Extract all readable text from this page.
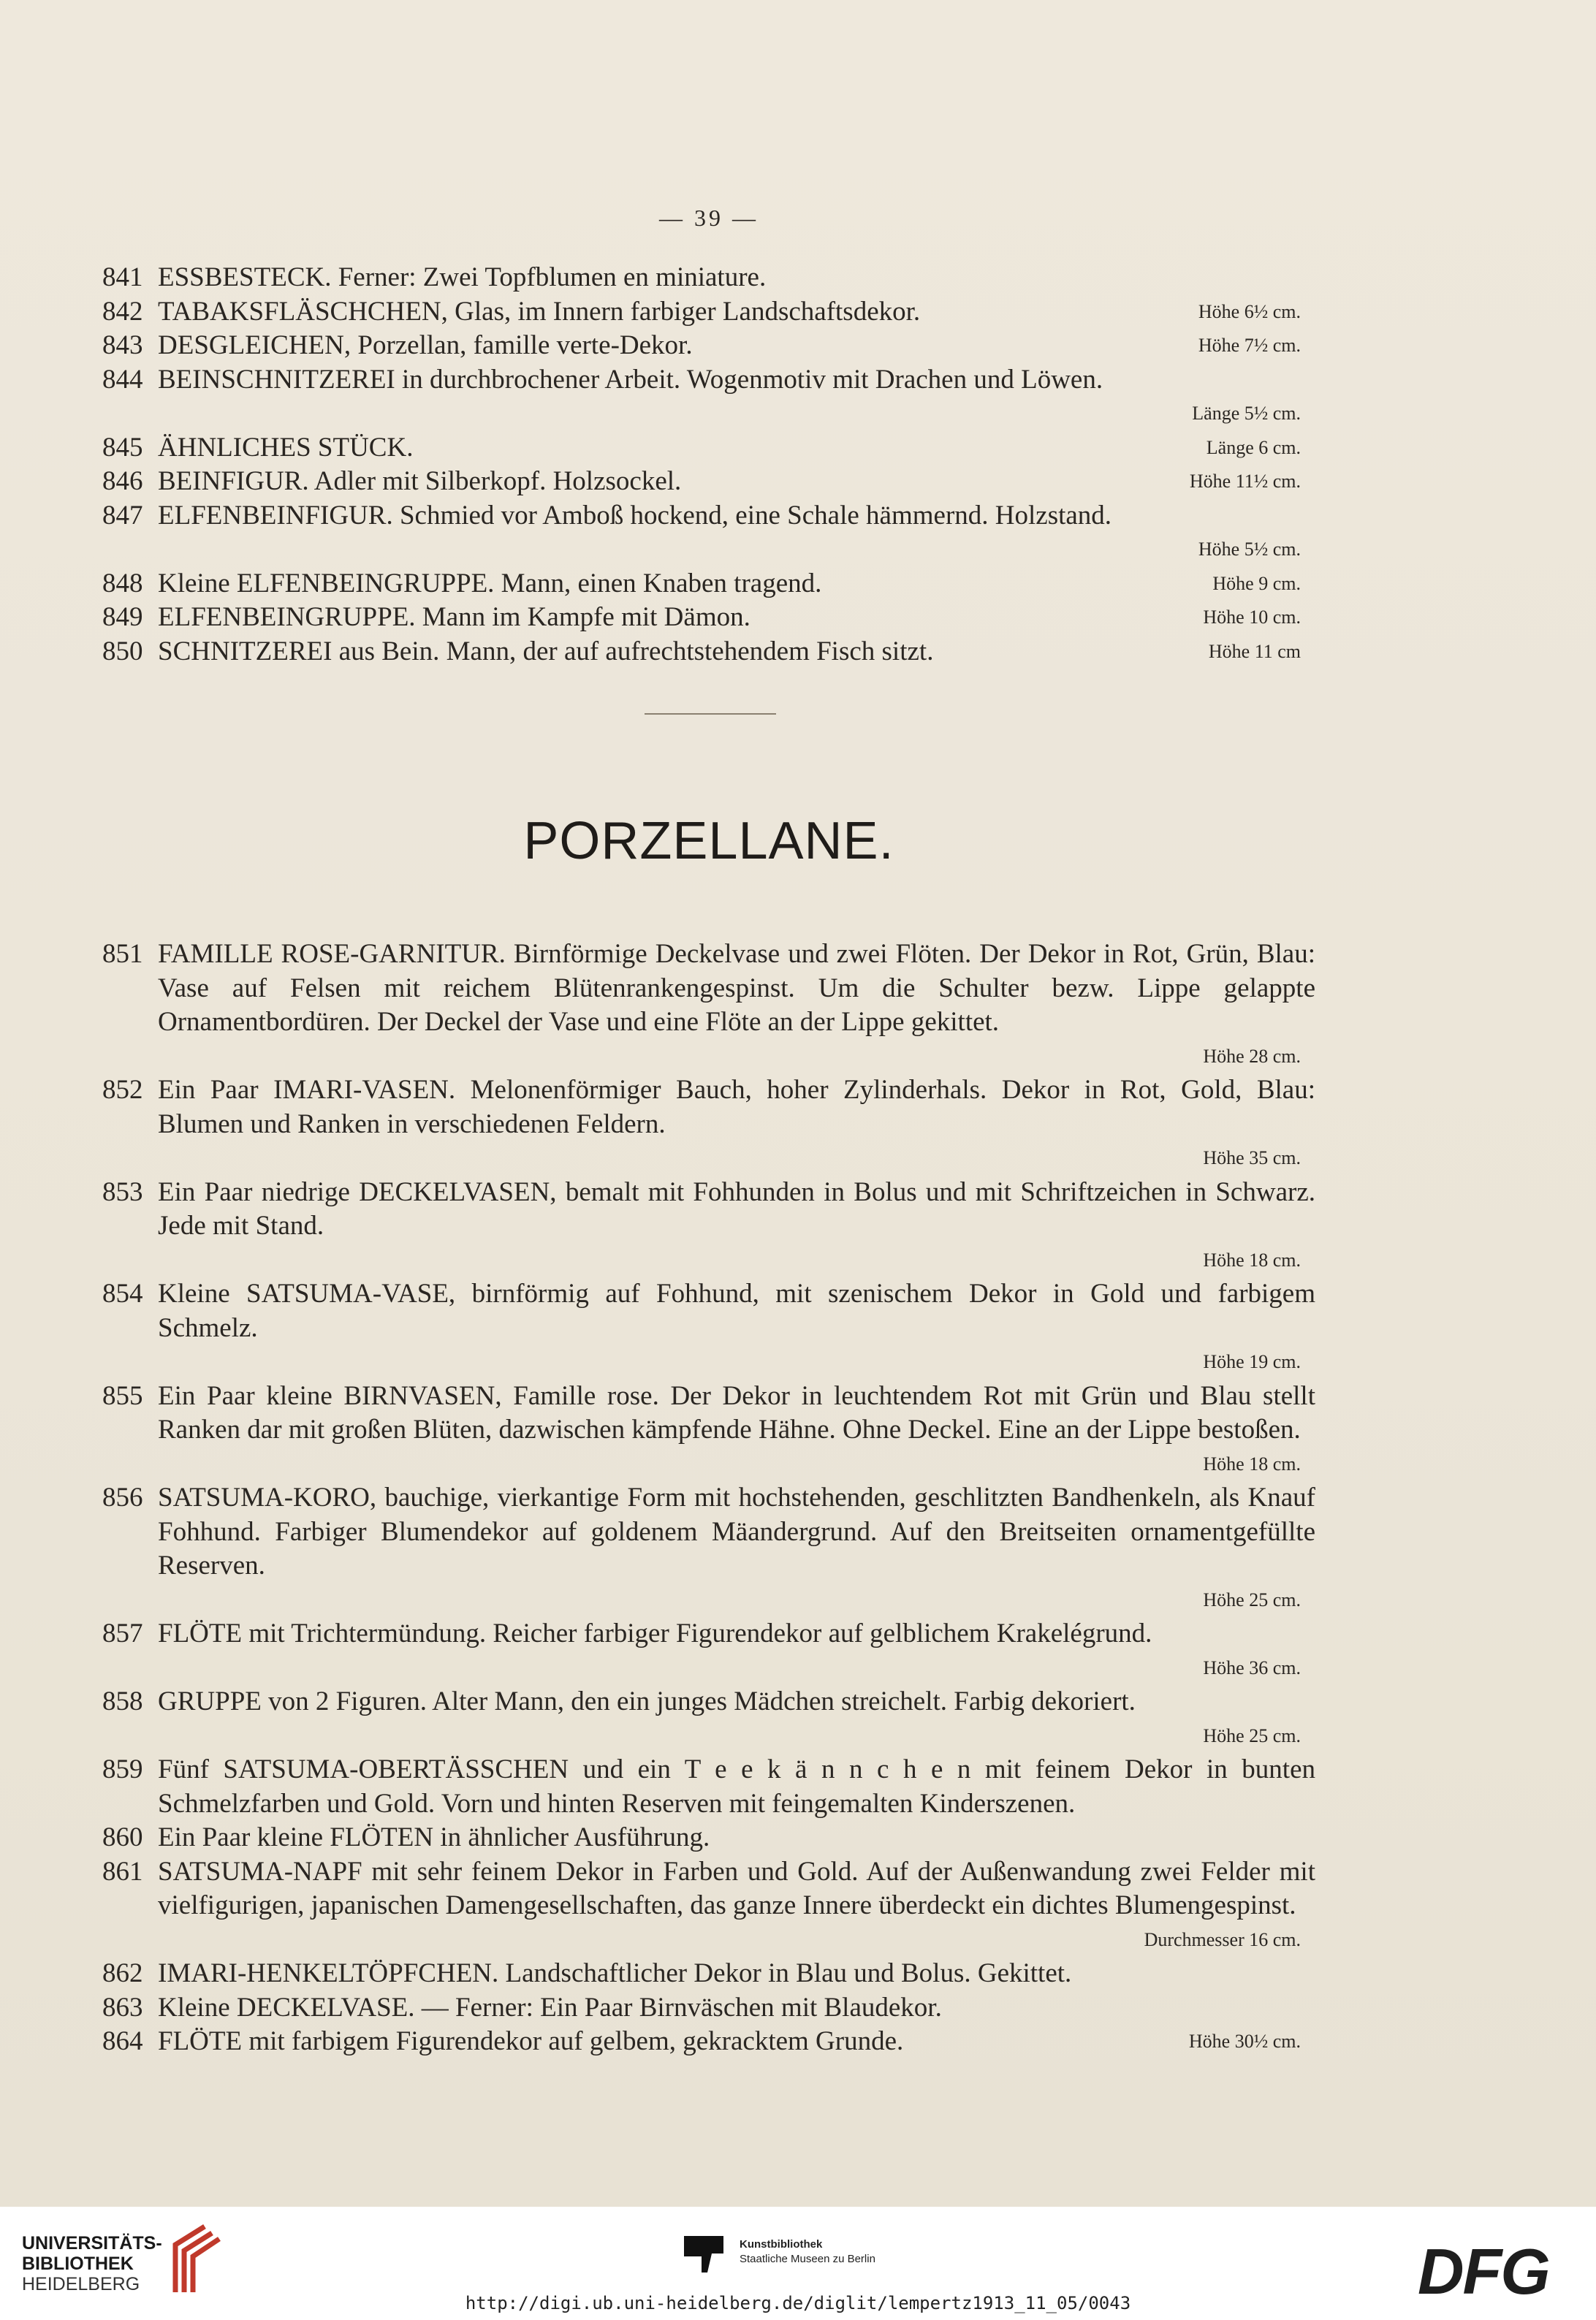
— 39 —
841 ESSBESTECK. Ferner: Zwei Topfblumen en miniature.
842 TABAKSFLÄSCHCHEN, Glas, im Innern farbiger Landschaftsdekor.	Höhe 6½ cm.
843 DESGLEICHEN, Porzellan, famille verte-Dekor.	Höhe 7½ cm.
844 BEINSCHNITZEREI in durchbrochener Arbeit. Wogenmotiv mit Drachen und Löwen.
Länge 5½ cm.
845 ÄHNLICHES STÜCK.	Länge 6 cm.
846 BEINFIGUR. Adler mit Silberkopf. Holzsockel.	Höhe 11½ cm.
847 ELFENBEINFIGUR. Schmied vor Amboß hockend, eine Schale hämmernd. Holzstand.
Höhe 5½ cm.
848 Kleine ELFENBEINGRUPPE. Mann, einen Knaben tragend.	Höhe 9 cm.
849 ELFENBEINGRUPPE. Mann im Kampfe mit Dämon.	Höhe 10 cm.
850 SCHNITZEREI aus Bein. Mann, der auf aufrechtstehendem Fisch sitzt.	Höhe 11 cm
PORZELLANE.
851 FAMILLE ROSE-GARNITUR. Birnförmige Deckelvase und zwei Flöten. Der Dekor in Rot, Grün, Blau: Vase auf Felsen mit reichem Blütenrankengespinst. Um die Schulter bezw. Lippe gelappte Ornamentbordüren. Der Deckel der Vase und eine Flöte an der Lippe gekittet.
Höhe 28 cm.
852 Ein Paar IMARI-VASEN. Melonenförmiger Bauch, hoher Zylinderhals. Dekor in Rot, Gold, Blau: Blumen und Ranken in verschiedenen Feldern.
Höhe 35 cm.
853 Ein Paar niedrige DECKELVASEN, bemalt mit Fohhunden in Bolus und mit Schriftzeichen in Schwarz. Jede mit Stand.
Höhe 18 cm.
854 Kleine SATSUMA-VASE, birnförmig auf Fohhund, mit szenischem Dekor in Gold und farbigem Schmelz.
Höhe 19 cm.
855 Ein Paar kleine BIRNVASEN, Famille rose. Der Dekor in leuchtendem Rot mit Grün und Blau stellt Ranken dar mit großen Blüten, dazwischen kämpfende Hähne. Ohne Deckel. Eine an der Lippe bestoßen.
Höhe 18 cm.
856 SATSUMA-KORO, bauchige, vierkantige Form mit hochstehenden, geschlitzten Bandhenkeln, als Knauf Fohhund. Farbiger Blumendekor auf goldenem Mäandergrund. Auf den Breitseiten ornamentgefüllte Reserven.
Höhe 25 cm.
857 FLÖTE mit Trichtermündung. Reicher farbiger Figurendekor auf gelblichem Krakelégrund.
Höhe 36 cm.
858 GRUPPE von 2 Figuren. Alter Mann, den ein junges Mädchen streichelt. Farbig dekoriert.
Höhe 25 cm.
859 Fünf SATSUMA-OBERTÄSSCHEN und ein T e e k ä n n c h e n mit feinem Dekor in bunten Schmelzfarben und Gold. Vorn und hinten Reserven mit feingemalten Kinderszenen.
860 Ein Paar kleine FLÖTEN in ähnlicher Ausführung.
861 SATSUMA-NAPF mit sehr feinem Dekor in Farben und Gold. Auf der Außenwandung zwei Felder mit vielfigurigen, japanischen Damengesellschaften, das ganze Innere überdeckt ein dichtes Blumengespinst.
Durchmesser 16 cm.
862 IMARI-HENKELTÖPFCHEN. Landschaftlicher Dekor in Blau und Bolus. Gekittet.
863 Kleine DECKELVASE. — Ferner: Ein Paar Birnväschen mit Blaudekor.
864 FLÖTE mit farbigem Figurendekor auf gelbem, gekracktem Grunde.	Höhe 30½ cm.
UNIVERSITÄTS-
BIBLIOTHEK
HEIDELBERG
Kunstbibliothek
Staatliche Museen zu Berlin	DFG
http://digi.ub.uni-heidelberg.de/diglit/lempertz1913_11_05/0043
